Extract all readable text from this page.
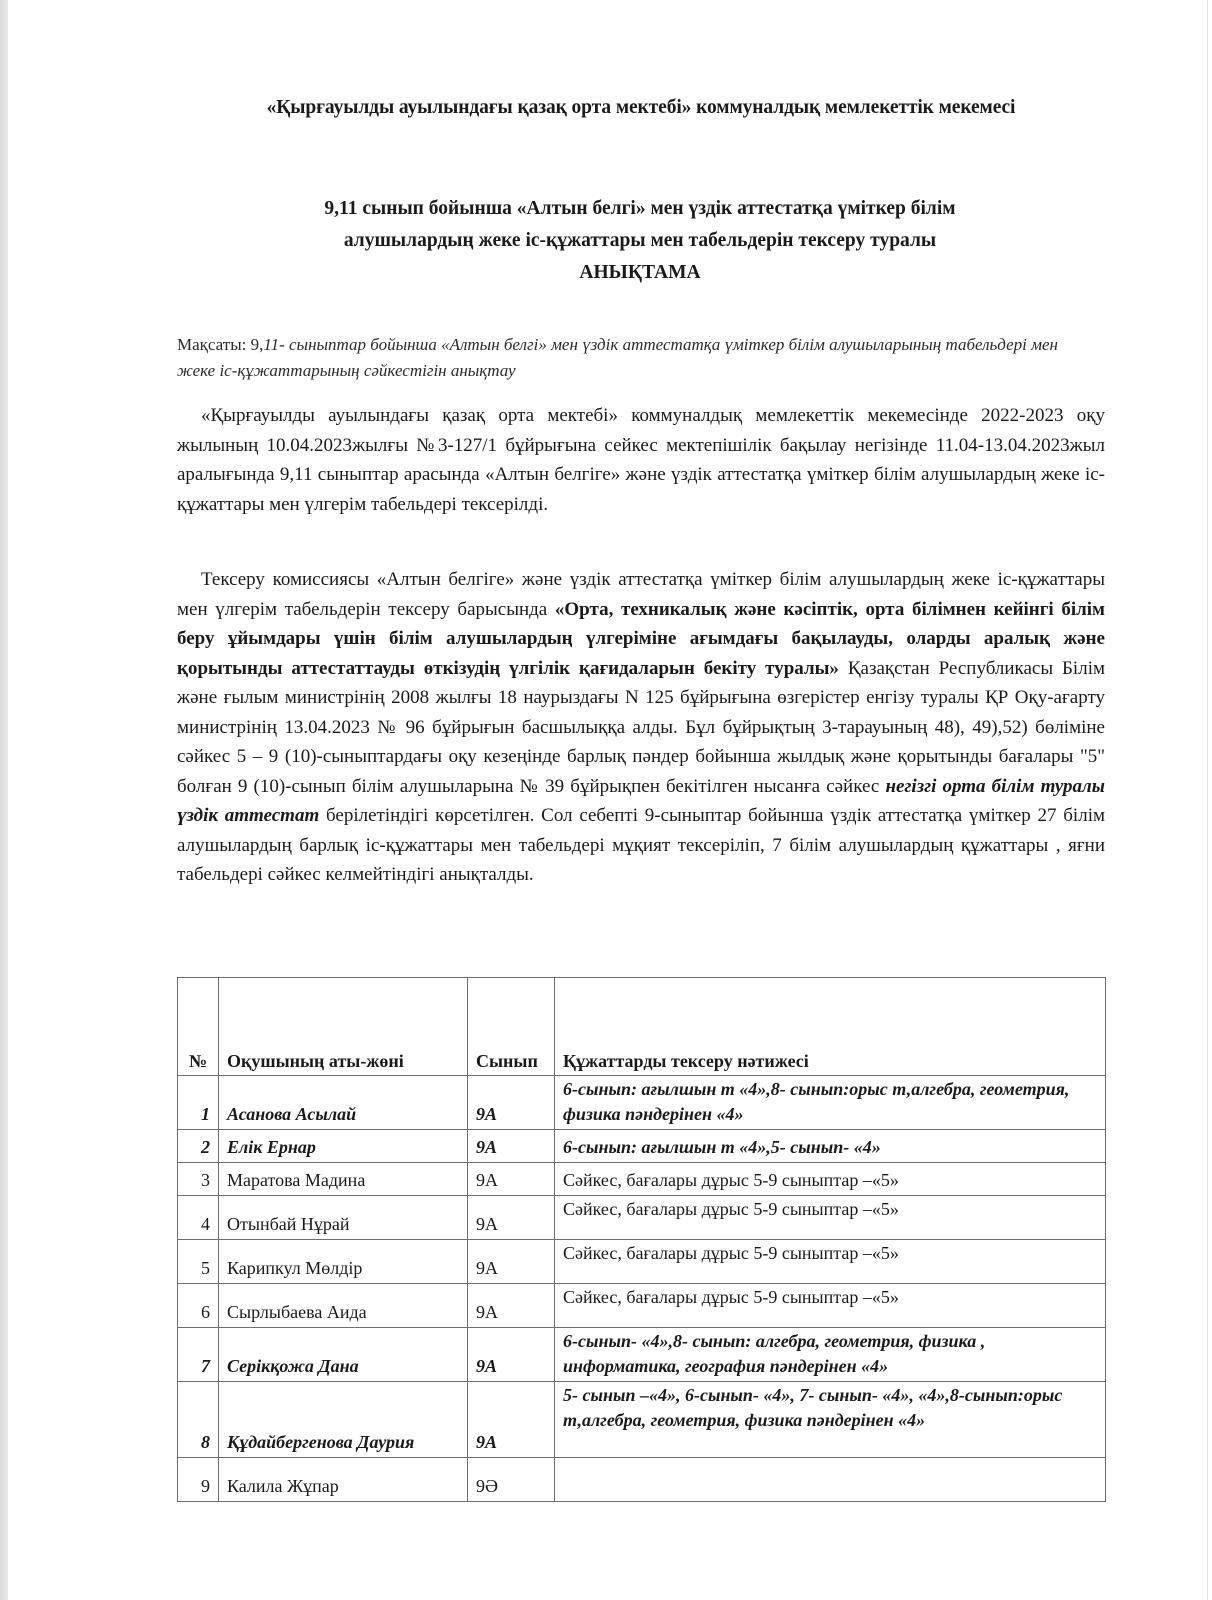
«Қырғауылды ауылындағы қазақ орта мектебі» коммуналдық мемлекеттік мекемесі
9,11 сынып бойынша «Алтын белгі» мен үздік аттестатқа үміткер білім
алушылардың жеке іс-құжаттары мен табельдерін тексеру туралы
АНЫҚТАМА
Мақсаты: 9,11- сыныптар бойынша «Алтын белгі» мен үздік аттестатқа үміткер білім алушыларының табельдері мен жеке іс-құжаттарының сәйкестігін анықтау
«Қырғауылды ауылындағы қазақ орта мектебі» коммуналдық мемлекеттік мекемесінде 2022-2023 оқу жылының 10.04.2023жылғы №3-127/1 бұйрығына сейкес мектепішілік бақылау негізінде 11.04-13.04.2023жыл аралығында 9,11 сыныптар арасында «Алтын белгіге» және үздік аттестатқа үміткер білім алушылардың жеке іс-құжаттары мен үлгерім табельдері тексерілді.
Тексеру комиссиясы «Алтын белгіге» және үздік аттестатқа үміткер білім алушылардың жеке іс-құжаттары мен үлгерім табельдерін тексеру барысында «Орта, техникалық және кәсіптік, орта білімнен кейінгі білім беру ұйымдары үшін білім алушылардың үлгеріміне ағымдағы бақылауды, оларды аралық және қорытынды аттестаттауды өткізудің үлгілік қағидаларын бекіту туралы» Қазақстан Республикасы Білім және ғылым министрінің 2008 жылғы 18 наурыздағы N 125 бұйрығына өзгерістер енгізу туралы ҚР Оқу-ағарту министрінің 13.04.2023 № 96 бұйрығын басшылыққа алды. Бұл бұйрықтың 3-тарауының 48), 49),52) бөліміне сәйкес 5 – 9 (10)-сыныптардағы оқу кезеңінде барлық пәндер бойынша жылдық және қорытынды бағалары "5" болған 9 (10)-сынып білім алушыларына № 39 бұйрықпен бекітілген нысанға сәйкес негізгі орта білім туралы үздік аттестат берілетіндігі көрсетілген. Сол себепті 9-сыныптар бойынша үздік аттестатқа үміткер 27 білім алушылардың барлық іс-құжаттары мен табельдері мұқият тексеріліп, 7 білім алушылардың құжаттары , яғни табельдері сәйкес келмейтіндігі анықталды.
№	Оқушының аты-жөні	Сынып	Құжаттарды тексеру нәтижесі
1	Асанова Асылай	9А	6-сынып: ағылшын т «4»,8- сынып:орыс т,алгебра, геометрия, физика пәндерінен «4»
2	Елік Ернар	9А	6-сынып: ағылшын т «4»,5- сынып- «4»
3	Маратова Мадина	9А	Сәйкес, бағалары дұрыс 5-9 сыныптар –«5»
4	Отынбай Нұрай	9А	Сәйкес, бағалары дұрыс 5-9 сыныптар –«5»
5	Карипкул Мөлдір	9А	Сәйкес, бағалары дұрыс 5-9 сыныптар –«5»
6	Сырлыбаева Аида	9А	Сәйкес, бағалары дұрыс 5-9 сыныптар –«5»
7	Серікқожа Дана	9А	6-сынып- «4»,8- сынып: алгебра, геометрия, физика , информатика, география пәндерінен «4»
8	Құдайбергенова Даурия	9А	5- сынып –«4», 6-сынып- «4», 7- сынып- «4», «4»,8-сынып:орыс т,алгебра, геометрия, физика пәндерінен «4»
9	Калила Жұпар	9Ә	
